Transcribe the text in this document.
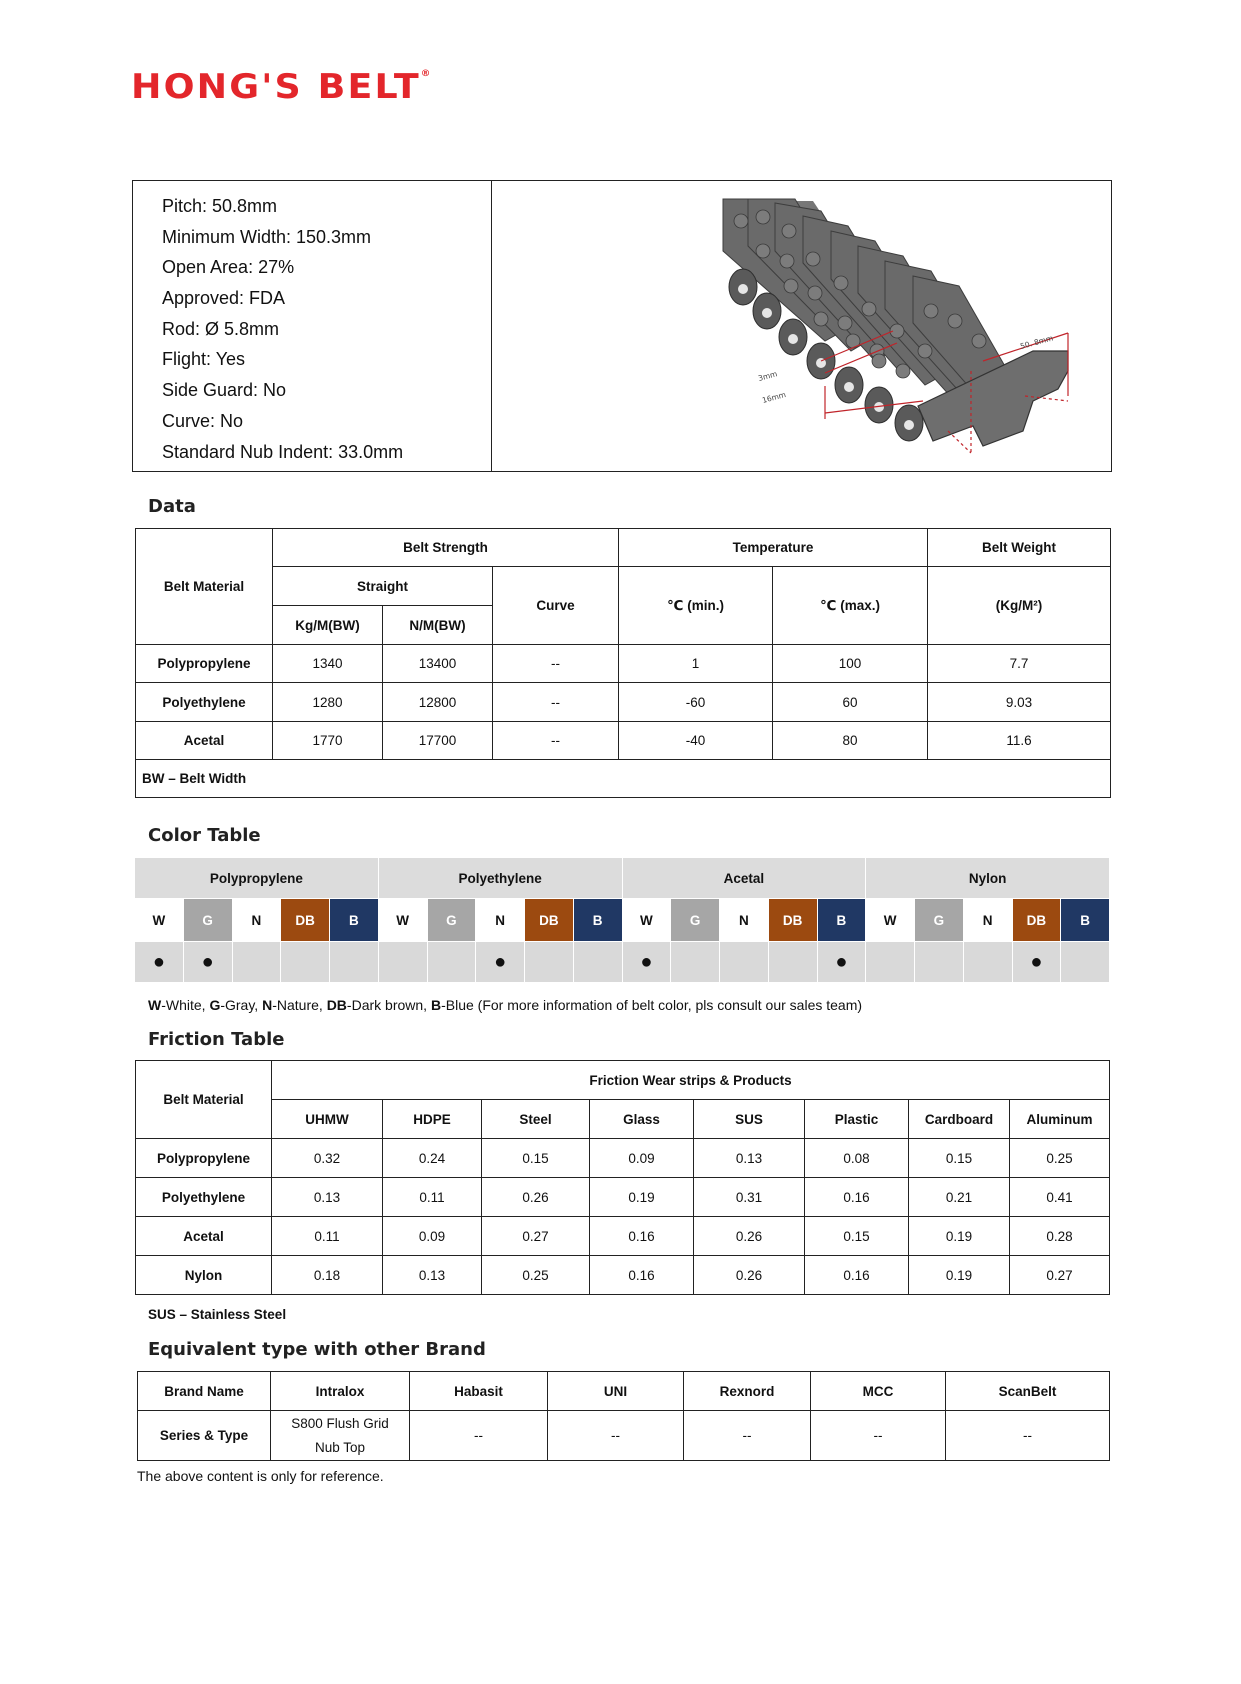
HONG'S BELT®
Pitch: 50.8mm
Minimum Width: 150.3mm
Open Area: 27%
Approved: FDA
Rod: Ø 5.8mm
Flight: Yes
Side Guard: No
Curve: No
Standard Nub Indent: 33.0mm
3mm
16mm
50. 8mm
Data
Belt Material	Belt Strength			Temperature		Belt Weight
	Straight		Curve	℃ (min.)	℃ (max.)	(Kg/M²)
	Kg/M(BW)	N/M(BW)				
Polypropylene	1340	13400	--	1	100	7.7
Polyethylene	1280	12800	--	-60	60	9.03
Acetal	1770	17700	--	-40	80	11.6
BW – Belt Width						
Color Table
Polypropylene					Polyethylene					Acetal					Nylon				
W	G	N	DB	B	W	G	N	DB	B	W	G	N	DB	B	W	G	N	DB	B
●	●						●			●				●				●	
W-White, G-Gray, N-Nature, DB-Dark brown, B-Blue (For more information of belt color, pls consult our sales team)
Friction Table
Belt Material	Friction Wear strips & Products							
	UHMW	HDPE	Steel	Glass	SUS	Plastic	Cardboard	Aluminum
Polypropylene	0.32	0.24	0.15	0.09	0.13	0.08	0.15	0.25
Polyethylene	0.13	0.11	0.26	0.19	0.31	0.16	0.21	0.41
Acetal	0.11	0.09	0.27	0.16	0.26	0.15	0.19	0.28
Nylon	0.18	0.13	0.25	0.16	0.26	0.16	0.19	0.27
SUS – Stainless Steel
Equivalent type with other Brand
Brand Name	Intralox	Habasit	UNI	Rexnord	MCC	ScanBelt
Series & Type	S800 Flush Grid
Nub Top	--	--	--	--	--
The above content is only for reference.
